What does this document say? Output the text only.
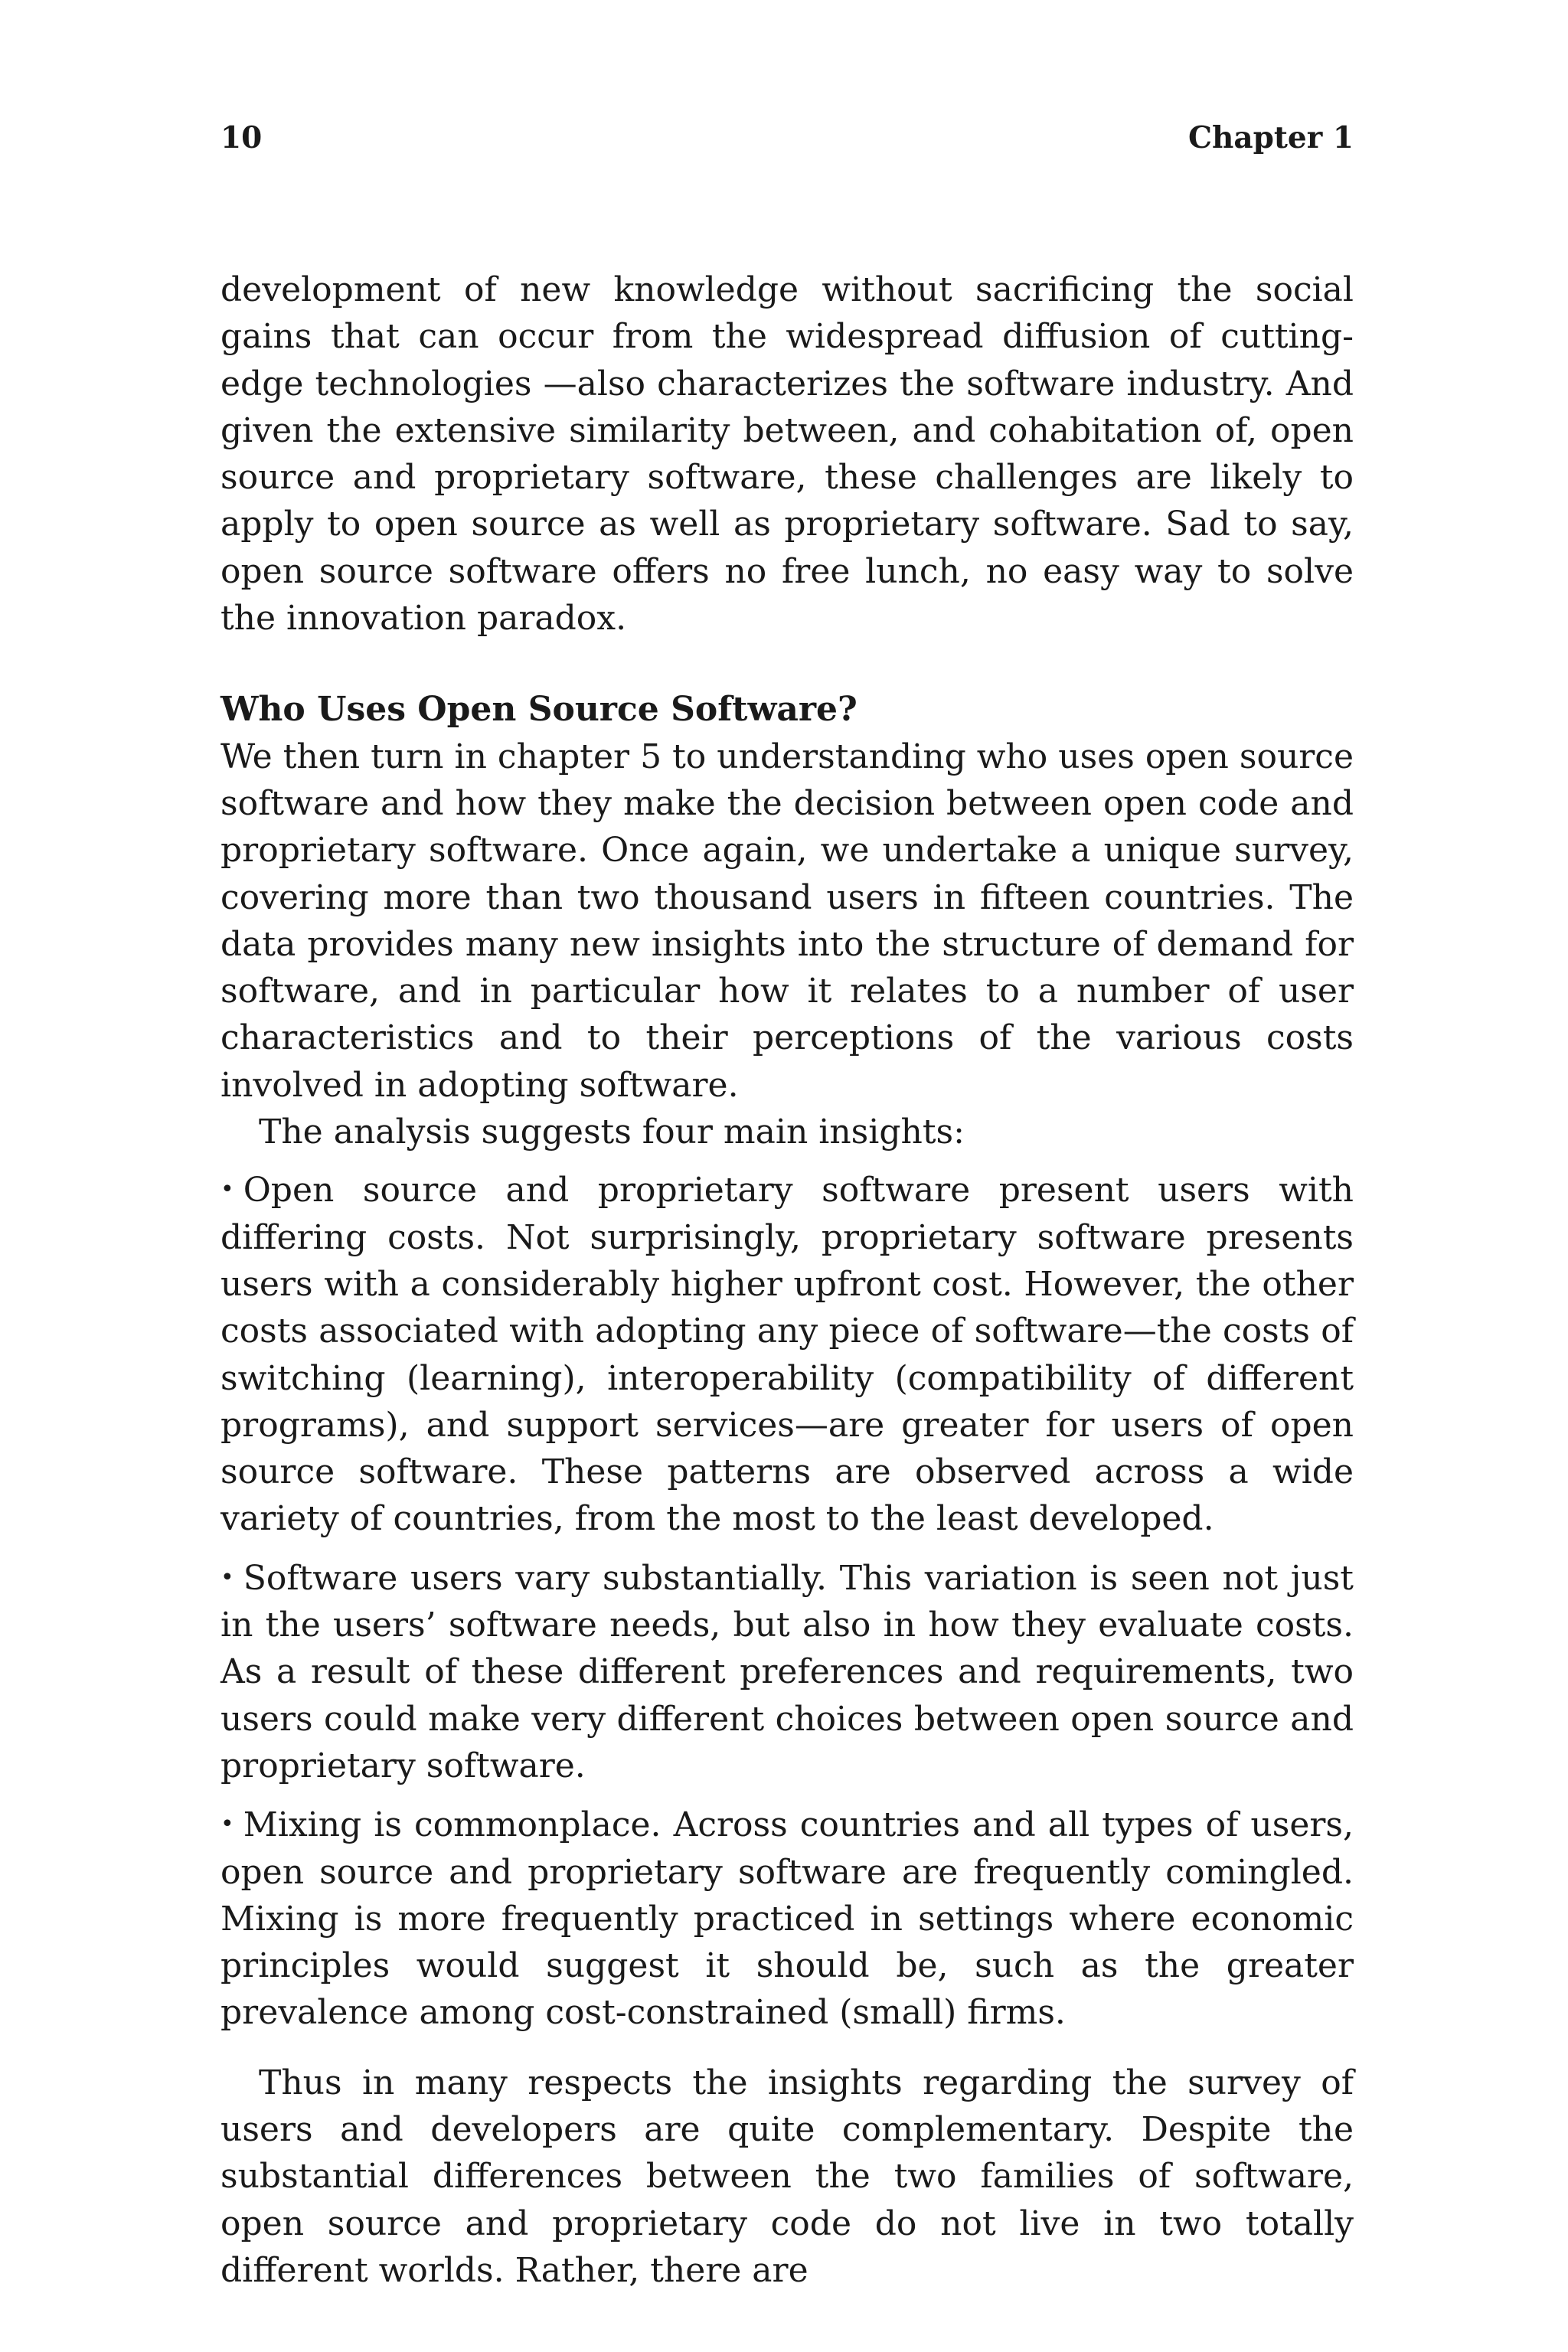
10	Chapter 1

development of new knowledge without sacrificing the social gains that can occur from the widespread diffusion of cutting-edge technologies —also characterizes the software industry. And given the extensive similarity between, and cohabitation of, open source and proprietary software, these challenges are likely to apply to open source as well as proprietary software. Sad to say, open source software offers no free lunch, no easy way to solve the innovation paradox.

Who Uses Open Source Software?

We then turn in chapter 5 to understanding who uses open source software and how they make the decision between open code and proprietary software. Once again, we undertake a unique survey, covering more than two thousand users in fifteen countries. The data provides many new insights into the structure of demand for software, and in particular how it relates to a number of user characteristics and to their perceptions of the various costs involved in adopting software.

The analysis suggests four main insights:

• Open source and proprietary software present users with differing costs. Not surprisingly, proprietary software presents users with a considerably higher upfront cost. However, the other costs associated with adopting any piece of software—the costs of switching (learning), interoperability (compatibility of different programs), and support services—are greater for users of open source software. These patterns are observed across a wide variety of countries, from the most to the least developed.
• Software users vary substantially. This variation is seen not just in the users’ software needs, but also in how they evaluate costs. As a result of these different preferences and requirements, two users could make very different choices between open source and proprietary software.
• Mixing is commonplace. Across countries and all types of users, open source and proprietary software are frequently comingled. Mixing is more frequently practiced in settings where economic principles would suggest it should be, such as the greater prevalence among cost-constrained (small) firms.

Thus in many respects the insights regarding the survey of users and developers are quite complementary. Despite the substantial differences between the two families of software, open source and proprietary code do not live in two totally different worlds. Rather, there are
